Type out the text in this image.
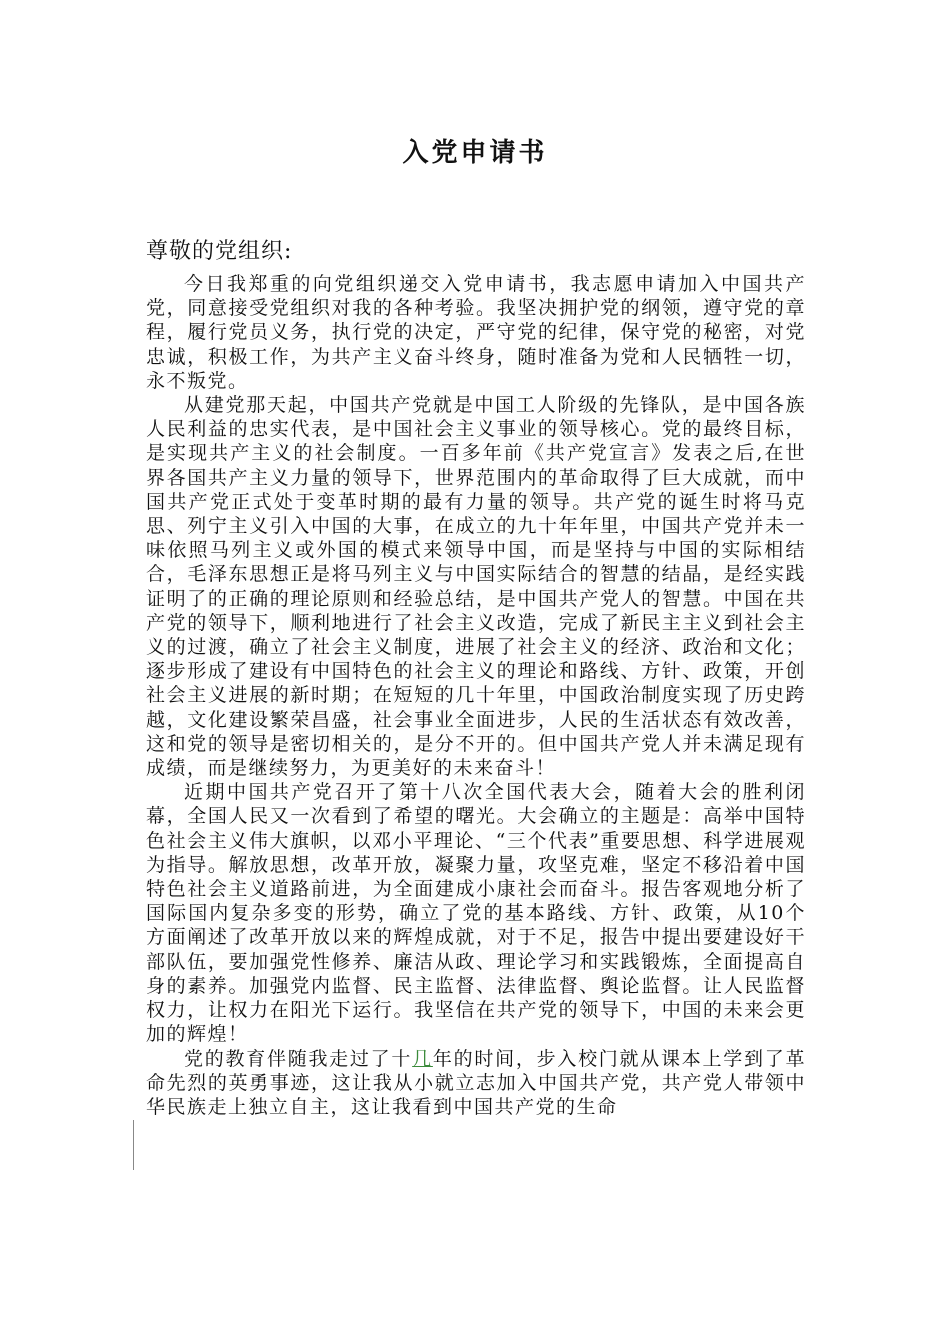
入党申请书
尊敬的党组织:

今日我郑重的向党组织递交入党申请书，我志愿申请加入中国共产党，同意接受党组织对我的各种考验。我坚决拥护党的纲领，遵守党的章程，履行党员义务，执行党的决定，严守党的纪律，保守党的秘密，对党忠诚，积极工作，为共产主义奋斗终身，随时准备为党和人民牺牲一切，永不叛党。

从建党那天起，中国共产党就是中国工人阶级的先锋队，是中国各族人民利益的忠实代表，是中国社会主义事业的领导核心。党的最终目标，是实现共产主义的社会制度。一百多年前《共产党宣言》发表之后,在世界各国共产主义力量的领导下，世界范围内的革命取得了巨大成就，而中国共产党正式处于变革时期的最有力量的领导。共产党的诞生时将马克思、列宁主义引入中国的大事，在成立的九十年年里，中国共产党并未一味依照马列主义或外国的模式来领导中国，而是坚持与中国的实际相结合，毛泽东思想正是将马列主义与中国实际结合的智慧的结晶，是经实践证明了的正确的理论原则和经验总结，是中国共产党人的智慧。中国在共产党的领导下，顺利地进行了社会主义改造，完成了新民主主义到社会主义的过渡，确立了社会主义制度，进展了社会主义的经济、政治和文化；逐步形成了建设有中国特色的社会主义的理论和路线、方针、政策，开创社会主义进展的新时期；在短短的几十年里，中国政治制度实现了历史跨越，文化建设繁荣昌盛，社会事业全面进步，人民的生活状态有效改善，这和党的领导是密切相关的，是分不开的。但中国共产党人并未满足现有成绩，而是继续努力，为更美好的未来奋斗！

近期中国共产党召开了第十八次全国代表大会，随着大会的胜利闭幕，全国人民又一次看到了希望的曙光。大会确立的主题是：高举中国特色社会主义伟大旗帜，以邓小平理论、“三个代表”重要思想、科学进展观为指导。解放思想，改革开放，凝聚力量，攻坚克难，坚定不移沿着中国特色社会主义道路前进，为全面建成小康社会而奋斗。报告客观地分析了国际国内复杂多变的形势，确立了党的基本路线、方针、政策，从10个方面阐述了改革开放以来的辉煌成就，对于不足，报告中提出要建设好干部队伍，要加强党性修养、廉洁从政、理论学习和实践锻炼，全面提高自身的素养。加强党内监督、民主监督、法律监督、舆论监督。让人民监督权力，让权力在阳光下运行。我坚信在共产党的领导下，中国的未来会更加的辉煌！

党的教育伴随我走过了十几年的时间，步入校门就从课本上学到了革命先烈的英勇事迹，这让我从小就立志加入中国共产党，共产党人带领中华民族走上独立自主，这让我看到中国共产党的生命
